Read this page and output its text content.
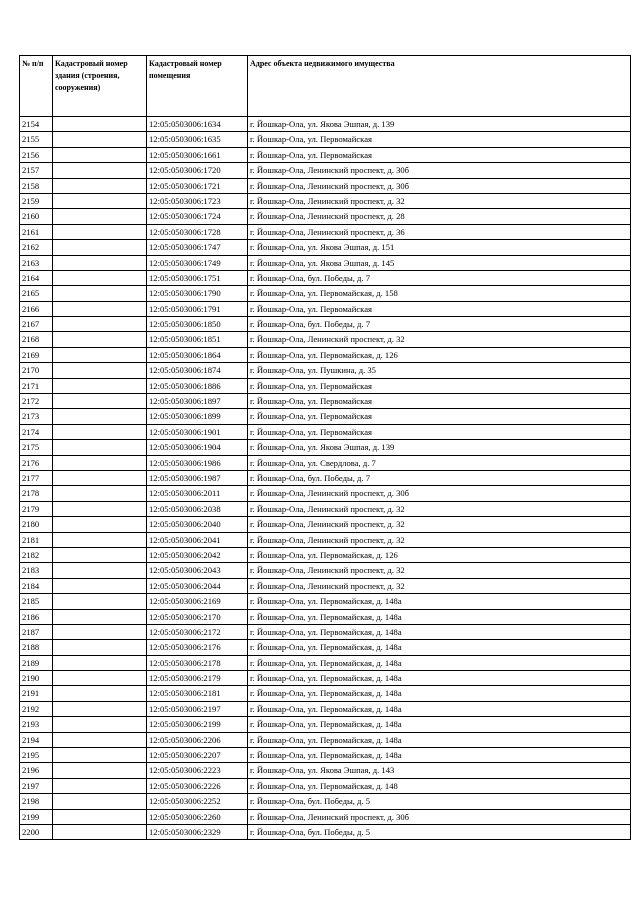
№ п/п	Кадастровый номер здания (строения, сооружения)	Кадастровый номер помещения	Адрес объекта недвижимого имущества
2154		12:05:0503006:1634	г. Йошкар-Ола, ул. Якова Эшпая, д. 139
2155		12:05:0503006:1635	г. Йошкар-Ола, ул. Первомайская
2156		12:05:0503006:1661	г. Йошкар-Ола, ул. Первомайская
2157		12:05:0503006:1720	г. Йошкар-Ола, Ленинский проспект, д. 30б
2158		12:05:0503006:1721	г. Йошкар-Ола, Ленинский проспект, д. 30б
2159		12:05:0503006:1723	г. Йошкар-Ола, Ленинский проспект, д. 32
2160		12:05:0503006:1724	г. Йошкар-Ола, Ленинский проспект, д. 28
2161		12:05:0503006:1728	г. Йошкар-Ола, Ленинский проспект, д. 36
2162		12:05:0503006:1747	г. Йошкар-Ола, ул. Якова Эшпая, д. 151
2163		12:05:0503006:1749	г. Йошкар-Ола, ул. Якова Эшпая, д. 145
2164		12:05:0503006:1751	г. Йошкар-Ола, бул. Победы, д. 7
2165		12:05:0503006:1790	г. Йошкар-Ола, ул. Первомайская, д. 158
2166		12:05:0503006:1791	г. Йошкар-Ола, ул. Первомайская
2167		12:05:0503006:1850	г. Йошкар-Ола, бул. Победы, д. 7
2168		12:05:0503006:1851	г. Йошкар-Ола, Ленинский проспект, д. 32
2169		12:05:0503006:1864	г. Йошкар-Ола, ул. Первомайская, д. 126
2170		12:05:0503006:1874	г. Йошкар-Ола, ул. Пушкина, д. 35
2171		12:05:0503006:1886	г. Йошкар-Ола, ул. Первомайская
2172		12:05:0503006:1897	г. Йошкар-Ола, ул. Первомайская
2173		12:05:0503006:1899	г. Йошкар-Ола, ул. Первомайская
2174		12:05:0503006:1901	г. Йошкар-Ола, ул. Первомайская
2175		12:05:0503006:1904	г. Йошкар-Ола, ул. Якова Эшпая, д. 139
2176		12:05:0503006:1986	г. Йошкар-Ола, ул. Свердлова, д. 7
2177		12:05:0503006:1987	г. Йошкар-Ола, бул. Победы, д. 7
2178		12:05:0503006:2011	г. Йошкар-Ола, Ленинский проспект, д. 30б
2179		12:05:0503006:2038	г. Йошкар-Ола, Ленинский проспект, д. 32
2180		12:05:0503006:2040	г. Йошкар-Ола, Ленинский проспект, д. 32
2181		12:05:0503006:2041	г. Йошкар-Ола, Ленинский проспект, д. 32
2182		12:05:0503006:2042	г. Йошкар-Ола, ул. Первомайская, д. 126
2183		12:05:0503006:2043	г. Йошкар-Ола, Ленинский проспект, д. 32
2184		12:05:0503006:2044	г. Йошкар-Ола, Ленинский проспект, д. 32
2185		12:05:0503006:2169	г. Йошкар-Ола, ул. Первомайская, д. 148а
2186		12:05:0503006:2170	г. Йошкар-Ола, ул. Первомайская, д. 148а
2187		12:05:0503006:2172	г. Йошкар-Ола, ул. Первомайская, д. 148а
2188		12:05:0503006:2176	г. Йошкар-Ола, ул. Первомайская, д. 148а
2189		12:05:0503006:2178	г. Йошкар-Ола, ул. Первомайская, д. 148а
2190		12:05:0503006:2179	г. Йошкар-Ола, ул. Первомайская, д. 148а
2191		12:05:0503006:2181	г. Йошкар-Ола, ул. Первомайская, д. 148а
2192		12:05:0503006:2197	г. Йошкар-Ола, ул. Первомайская, д. 148а
2193		12:05:0503006:2199	г. Йошкар-Ола, ул. Первомайская, д. 148а
2194		12:05:0503006:2206	г. Йошкар-Ола, ул. Первомайская, д. 148а
2195		12:05:0503006:2207	г. Йошкар-Ола, ул. Первомайская, д. 148а
2196		12:05:0503006:2223	г. Йошкар-Ола, ул. Якова Эшпая, д. 143
2197		12:05:0503006:2226	г. Йошкар-Ола, ул. Первомайская, д. 148
2198		12:05:0503006:2252	г. Йошкар-Ола, бул. Победы, д. 5
2199		12:05:0503006:2260	г. Йошкар-Ола, Ленинский проспект, д. 30б
2200		12:05:0503006:2329	г. Йошкар-Ола, бул. Победы, д. 5
